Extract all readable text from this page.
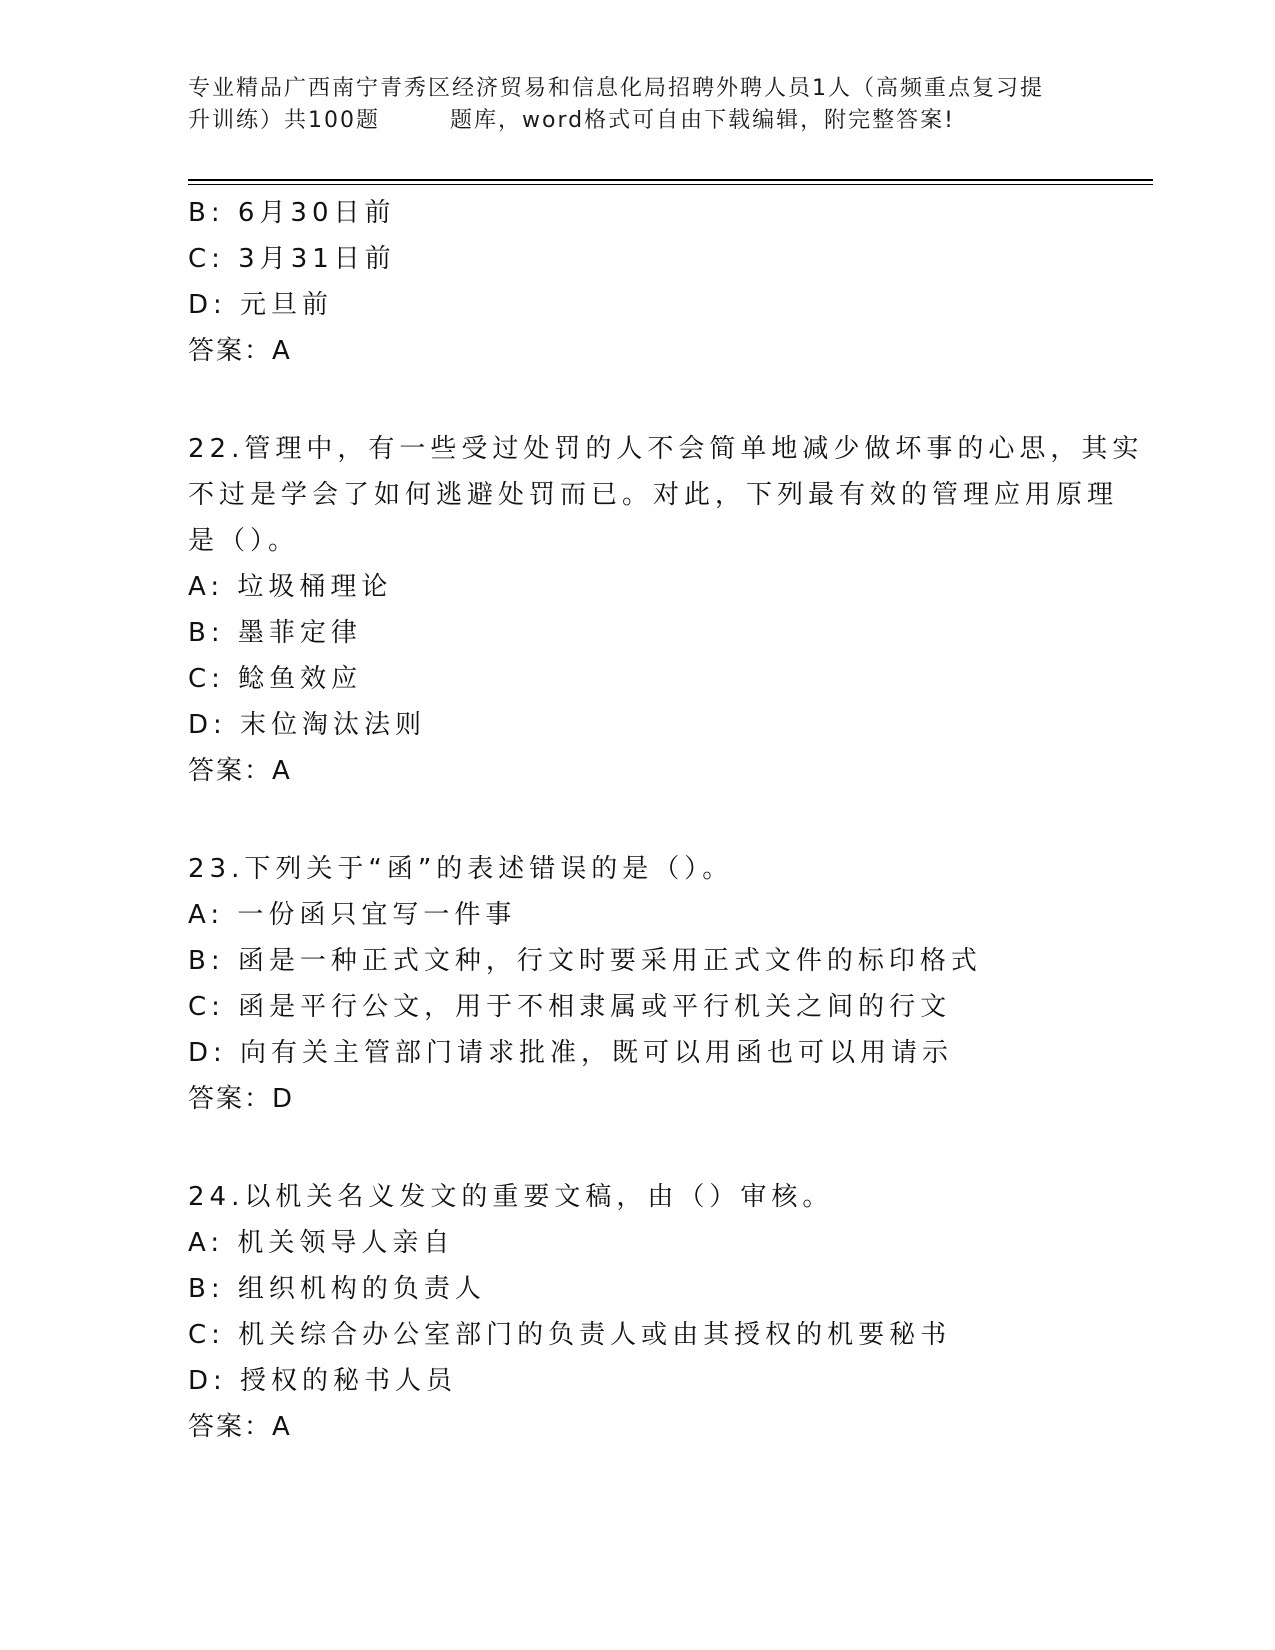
专业精品广西南宁青秀区经济贸易和信息化局招聘外聘人员1人（高频重点复习提
升训练）共100题	题库，word格式可自由下载编辑，附完整答案!

B: 6月30日前

C: 3月31日前

D: 元旦前

答案：A

22.管理中，有一些受过处罚的人不会简单地减少做坏事的心思，其实

不过是学会了如何逃避处罚而已。对此，下列最有效的管理应用原理

是（）。

A: 垃圾桶理论

B: 墨菲定律

C: 鲶鱼效应

D: 末位淘汰法则

答案：A

23.下列关于“函”的表述错误的是（）。

A: 一份函只宜写一件事

B: 函是一种正式文种，行文时要采用正式文件的标印格式

C: 函是平行公文，用于不相隶属或平行机关之间的行文

D: 向有关主管部门请求批准，既可以用函也可以用请示

答案：D

24.以机关名义发文的重要文稿，由（）审核。

A: 机关领导人亲自

B: 组织机构的负责人

C: 机关综合办公室部门的负责人或由其授权的机要秘书

D: 授权的秘书人员

答案：A
